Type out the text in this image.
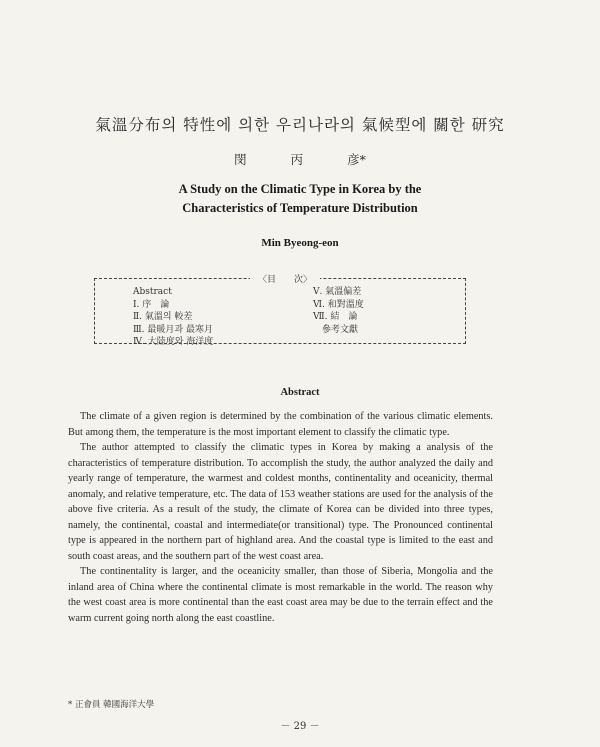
氣溫分布의 特性에 의한 우리나라의 氣候型에 關한 研究
閔	丙	彦*
A Study on the Climatic Type in Korea by the
Characteristics of Temperature Distribution
Min Byeong-eon
〈目　　次〉
Abstract
Ⅰ. 序　論
Ⅱ. 氣溫의 較差
Ⅲ. 最暖月과 最寒月
Ⅳ. 大陸度와 海洋度
Ⅴ. 氣溫偏差
Ⅵ. 和對溫度
Ⅶ. 結　論
　參考文獻
Abstract

The climate of a given region is determined by the combination of the various climatic elements. But among them, the temperature is the most important element to classify the climatic type.

The author attempted to classify the climatic types in Korea by making a analysis of the characteristics of temperature distribution. To accomplish the study, the author analyzed the daily and yearly range of temperature, the warmest and coldest months, continentality and oceanicity, thermal anomaly, and relative temperature, etc. The data of 153 weather stations are used for the analysis of the above five criteria. As a result of the study, the climate of Korea can be divided into three types, namely, the continental, coastal and intermediate(or transitional) type. The Pronounced continental type is appeared in the northern part of highland area. And the coastal type is limited to the east and south coast areas, and the southern part of the west coast area.

The continentality is larger, and the oceanicity smaller, than those of Siberia, Mongolia and the inland area of China where the continental climate is most remarkable in the world. The reason why the west coast area is more continental than the east coast area may be due to the terrain effect and the warm current going north along the east coastline.

* 正會員 韓國海洋大學
－ 29 －
